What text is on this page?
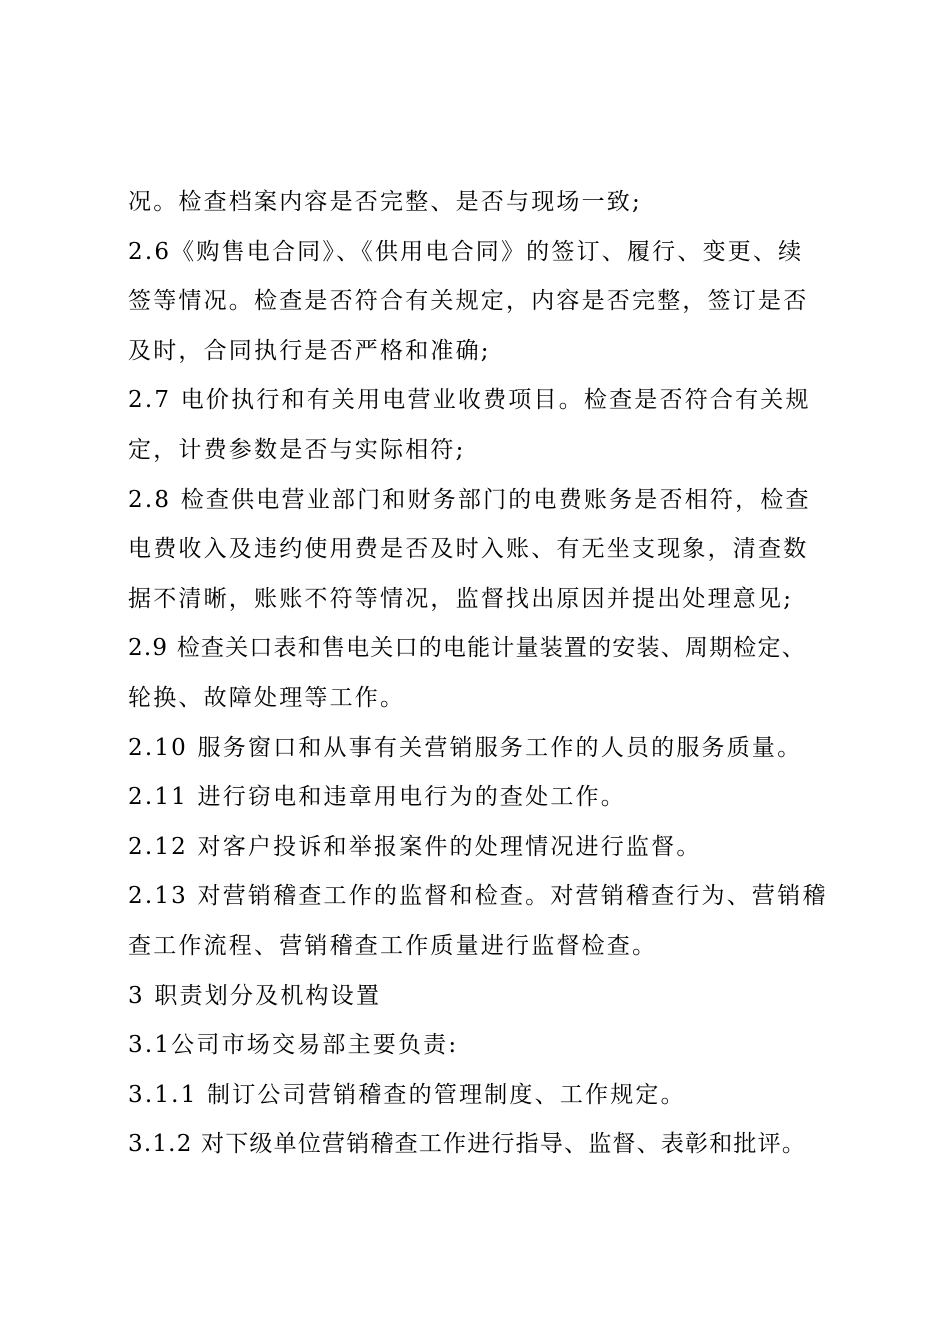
况。检查档案内容是否完整、是否与现场一致;
2.6《购售电合同》、《供用电合同》的签订、履行、变更、续
签等情况。检查是否符合有关规定，内容是否完整，签订是否
及时，合同执行是否严格和准确;
2.7 电价执行和有关用电营业收费项目。检查是否符合有关规
定，计费参数是否与实际相符;
2.8 检查供电营业部门和财务部门的电费账务是否相符，检查
电费收入及违约使用费是否及时入账、有无坐支现象，清查数
据不清晰，账账不符等情况，监督找出原因并提出处理意见;
2.9 检查关口表和售电关口的电能计量装置的安装、周期检定、
轮换、故障处理等工作。
2.10 服务窗口和从事有关营销服务工作的人员的服务质量。
2.11 进行窃电和违章用电行为的查处工作。
2.12 对客户投诉和举报案件的处理情况进行监督。
2.13 对营销稽查工作的监督和检查。对营销稽查行为、营销稽
查工作流程、营销稽查工作质量进行监督检查。
3 职责划分及机构设置
3.1公司市场交易部主要负责:
3.1.1 制订公司营销稽查的管理制度、工作规定。
3.1.2 对下级单位营销稽查工作进行指导、监督、表彰和批评。
